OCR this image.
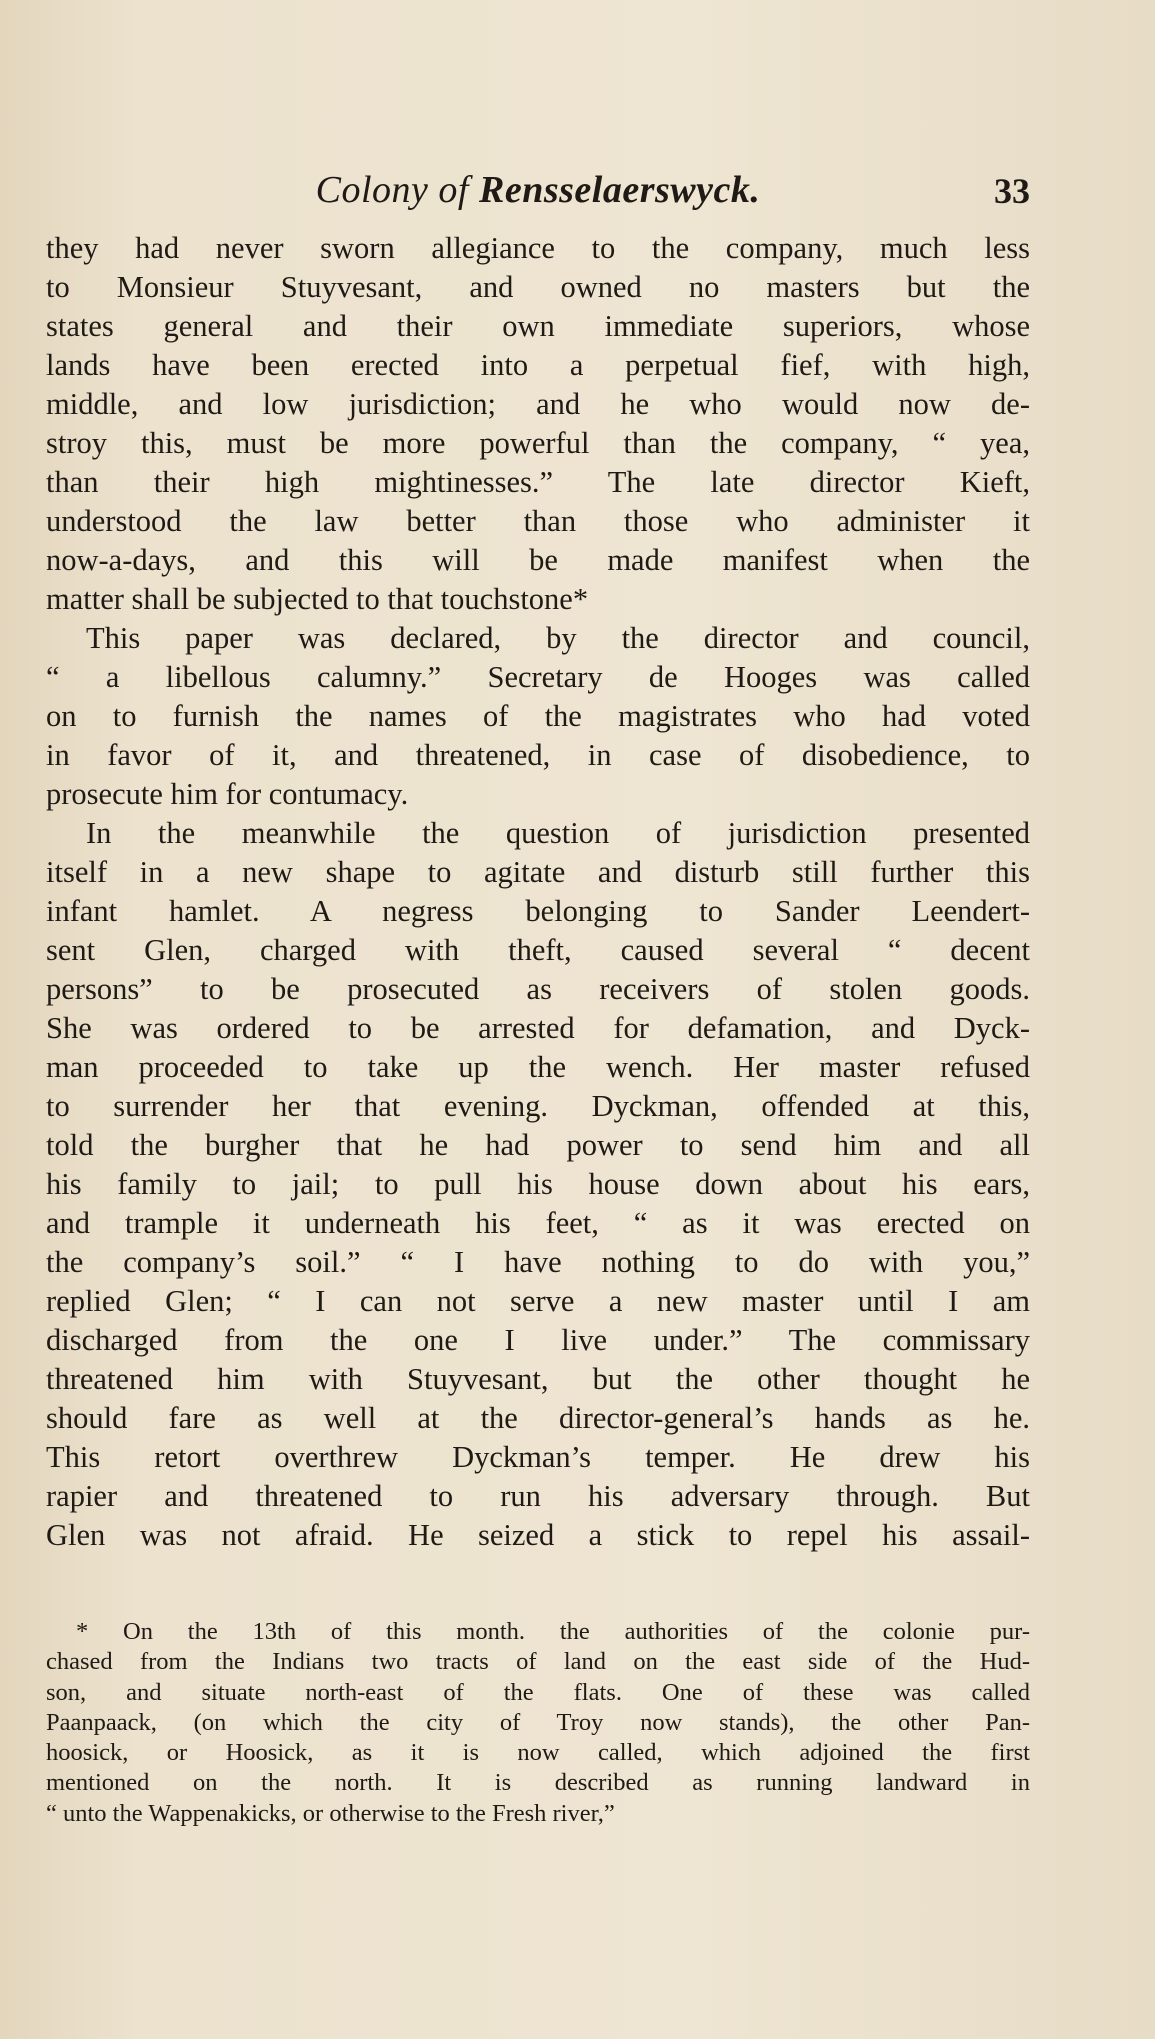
Colony of Rensselaerswyck.	33
they had never sworn allegiance to the company, much less
to Monsieur Stuyvesant, and owned no masters but the
states general and their own immediate superiors, whose
lands have been erected into a perpetual fief, with high,
middle, and low jurisdiction; and he who would now de-
stroy this, must be more powerful than the company, “ yea,
than their high mightinesses.” The late director Kieft,
understood the law better than those who administer it
now-a-days, and this will be made manifest when the
matter shall be subjected to that touchstone*
This paper was declared, by the director and council,
“ a libellous calumny.” Secretary de Hooges was called
on to furnish the names of the magistrates who had voted
in favor of it, and threatened, in case of disobedience, to
prosecute him for contumacy.
In the meanwhile the question of jurisdiction presented
itself in a new shape to agitate and disturb still further this
infant hamlet. A negress belonging to Sander Leendert-
sent Glen, charged with theft, caused several “ decent
persons” to be prosecuted as receivers of stolen goods.
She was ordered to be arrested for defamation, and Dyck-
man proceeded to take up the wench. Her master refused
to surrender her that evening. Dyckman, offended at this,
told the burgher that he had power to send him and all
his family to jail; to pull his house down about his ears,
and trample it underneath his feet, “ as it was erected on
the company’s soil.” “ I have nothing to do with you,”
replied Glen; “ I can not serve a new master until I am
discharged from the one I live under.” The commissary
threatened him with Stuyvesant, but the other thought he
should fare as well at the director-general’s hands as he.
This retort overthrew Dyckman’s temper. He drew his
rapier and threatened to run his adversary through. But
Glen was not afraid. He seized a stick to repel his assail-
* On the 13th of this month. the authorities of the colonie pur-
chased from the Indians two tracts of land on the east side of the Hud-
son, and situate north-east of the flats. One of these was called
Paanpaack, (on which the city of Troy now stands), the other Pan-
hoosick, or Hoosick, as it is now called, which adjoined the first
mentioned on the north. It is described as running landward in
“ unto the Wappenakicks, or otherwise to the Fresh river,”
